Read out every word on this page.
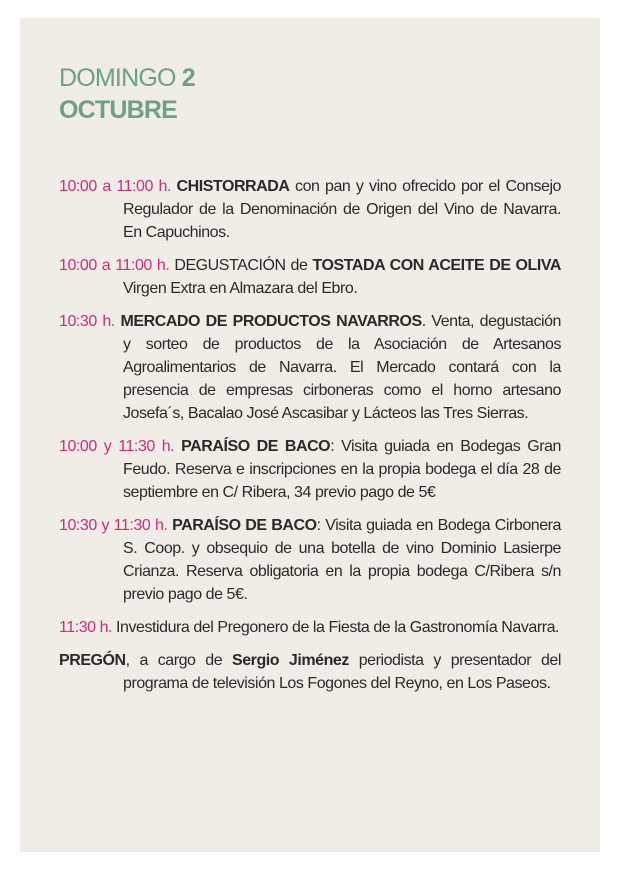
DOMINGO 2
OCTUBRE
10:00 a 11:00 h. CHISTORRADA con pan y vino ofrecido por el Consejo Regulador de la Denominación de Origen del Vino de Navarra. En Capuchinos.
10:00 a 11:00 h. DEGUSTACIÓN de TOSTADA CON ACEITE DE OLIVA Virgen Extra en Almazara del Ebro.
10:30 h. MERCADO DE PRODUCTOS NAVARROS. Venta, degustación y sorteo de productos de la Asociación de Artesanos Agroalimentarios de Navarra. El Mercado contará con la presencia de empresas cirboneras como el horno artesano Josefa´s, Bacalao José Ascasibar y Lácteos las Tres Sierras.
10:00 y 11:30 h. PARAÍSO DE BACO: Visita guiada en Bodegas Gran Feudo. Reserva e inscripciones en la propia bodega el día 28 de septiembre en C/ Ribera, 34 previo pago de 5€
10:30 y 11:30 h. PARAÍSO DE BACO: Visita guiada en Bodega Cirbonera S. Coop. y obsequio de una botella de vino Dominio Lasierpe Crianza. Reserva obligatoria en la propia bodega C/Ribera s/n previo pago de 5€.
11:30 h. Investidura del Pregonero de la Fiesta de la Gastronomía Navarra.
PREGÓN, a cargo de Sergio Jiménez periodista y presentador del programa de televisión Los Fogones del Reyno, en Los Paseos.
